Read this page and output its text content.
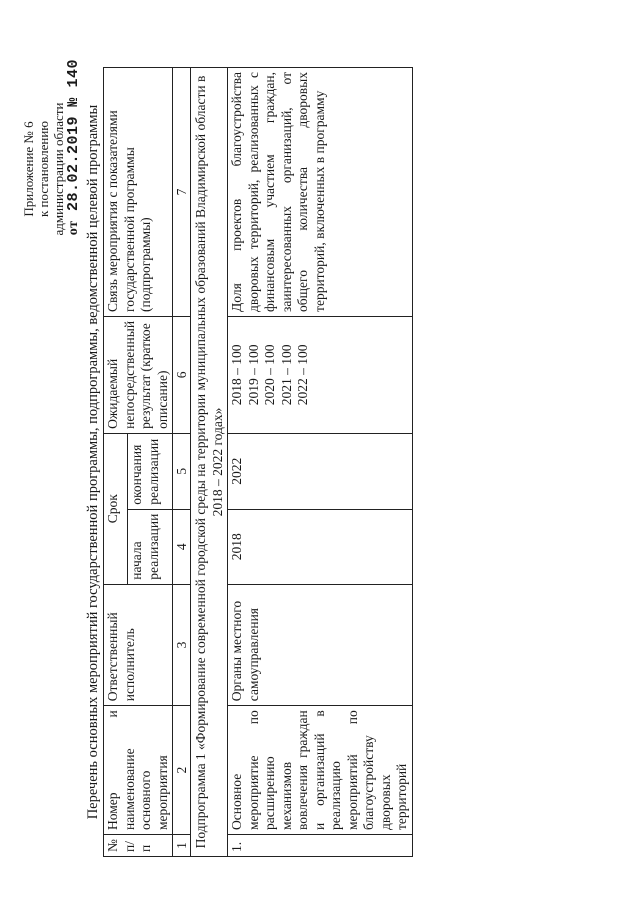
Приложение № 6 к постановлению администрации области от 28.02.2019 № 140 Перечень основных мероприятий государственной программы, подпрограммы, ведомственной целевой программы
№ п/п	Номер и наименование основного мероприятия	Ответственный исполнитель	Срок		Ожидаемый непосредственный результат (краткое описание)	Связь мероприятия с показателями государственной программы (подпрограммы)
			начала реализации	окончания реализации		
1	2	3	4	5	6	7
Подпрограмма 1 «Формирование современной городской среды на территории муниципальных образований Владимирской области в 2018 – 2022 годах»						
1.	Основное мероприятие по расширению механизмов вовлечения граждан и организаций в реализацию мероприятий по благоустройству дворовых территорий	Органы местного самоуправления	2018	2022	2018 – 100 2019 – 100 2020 – 100 2021 – 100 2022 – 100	Доля проектов благоустройства дворовых территорий, реализованных с финансовым участием граждан, заинтересованных организаций, от общего количества дворовых территорий, включенных в программу
